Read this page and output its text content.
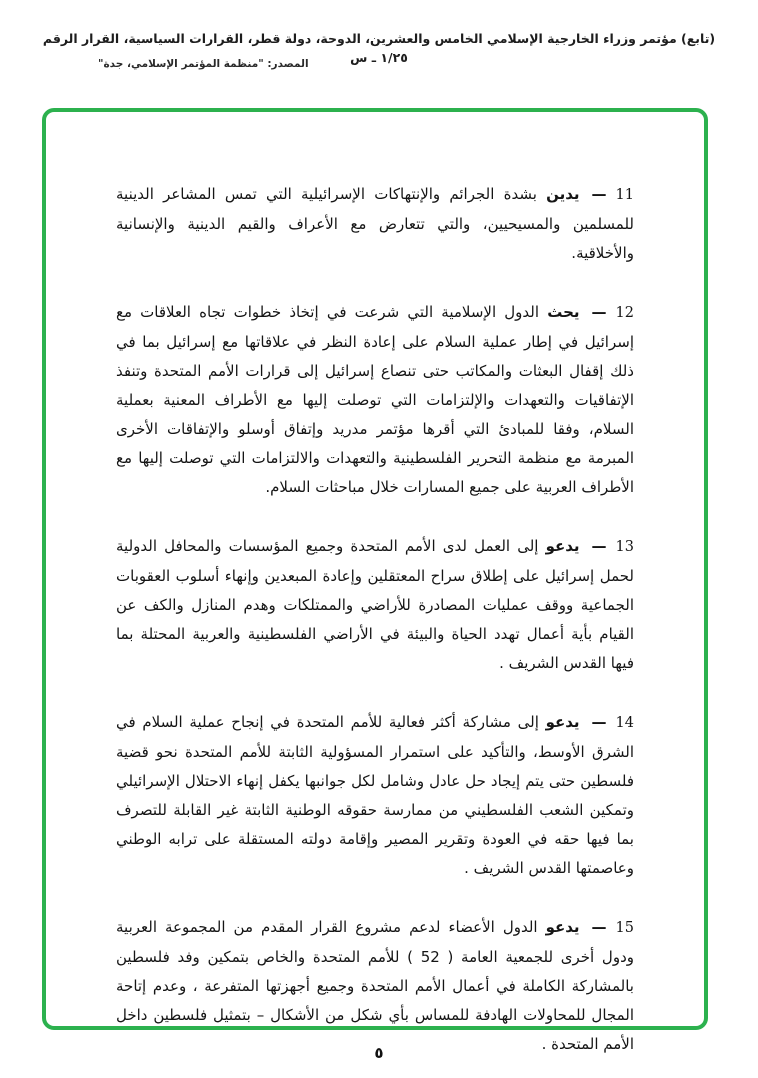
(تابع) مؤتمر وزراء الخارجية الإسلامي الخامس والعشرين، الدوحة، دولة قطر، القرارات السياسية، القرار الرقم ١/٢٥ ـ س
المصدر: "منظمة المؤتمر الإسلامي، جدة"

11—يدين بشدة الجرائم والإنتهاكات الإسرائيلية التي تمس المشاعر الدينية للمسلمين والمسيحيين، والتي تتعارض مع الأعراف والقيم الدينية والإنسانية والأخلاقية.

12—يحث الدول الإسلامية التي شرعت في إتخاذ خطوات تجاه العلاقات مع إسرائيل في إطار عملية السلام على إعادة النظر في علاقاتها مع إسرائيل بما في ذلك إقفال البعثات والمكاتب حتى تنصاع إسرائيل إلى قرارات الأمم المتحدة وتنفذ الإتفاقيات والتعهدات والإلتزامات التي توصلت إليها مع الأطراف المعنية بعملية السلام، وفقا للمبادئ التي أقرها مؤتمر مدريد وإتفاق أوسلو والإتفاقات الأخرى المبرمة مع منظمة التحرير الفلسطينية والتعهدات والالتزامات التي توصلت إليها مع الأطراف العربية على جميع المسارات خلال مباحثات السلام.

13—يدعو إلى العمل لدى الأمم المتحدة وجميع المؤسسات والمحافل الدولية لحمل إسرائيل على إطلاق سراح المعتقلين وإعادة المبعدين وإنهاء أسلوب العقوبات الجماعية ووقف عمليات المصادرة للأراضي والممتلكات وهدم المنازل والكف عن القيام بأية أعمال تهدد الحياة والبيئة في الأراضي الفلسطينية والعربية المحتلة بما فيها القدس الشريف .

14—يدعو إلى مشاركة أكثر فعالية للأمم المتحدة في إنجاح عملية السلام في الشرق الأوسط، والتأكيد على استمرار المسؤولية الثابتة للأمم المتحدة نحو قضية فلسطين حتى يتم إيجاد حل عادل وشامل لكل جوانبها يكفل إنهاء الاحتلال الإسرائيلي وتمكين الشعب الفلسطيني من ممارسة حقوقه الوطنية الثابتة غير القابلة للتصرف بما فيها حقه في العودة وتقرير المصير وإقامة دولته المستقلة على ترابه الوطني وعاصمتها القدس الشريف .

15—يدعو الدول الأعضاء لدعم مشروع القرار المقدم من المجموعة العربية ودول أخرى للجمعية العامة ( 52 ) للأمم المتحدة والخاص بتمكين وفد فلسطين بالمشاركة الكاملة في أعمال الأمم المتحدة وجميع أجهزتها المتفرعة ، وعدم إتاحة المجال للمحاولات الهادفة للمساس بأي شكل من الأشكال – بتمثيل فلسطين داخل الأمم المتحدة .

٥
